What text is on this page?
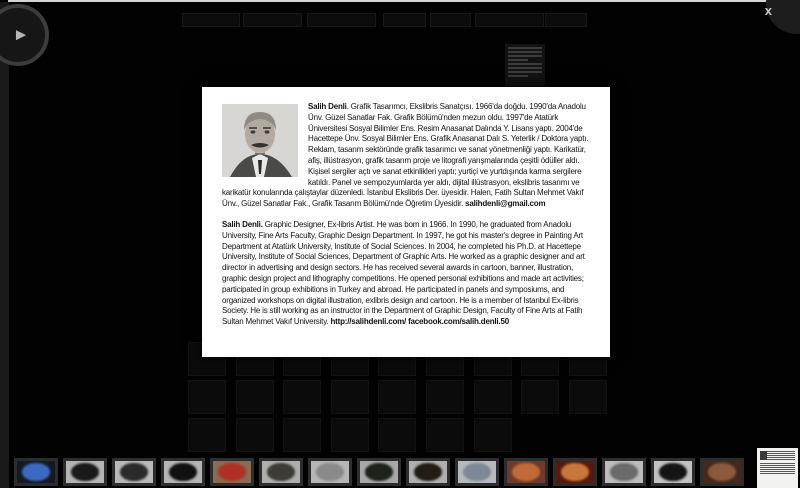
►
x

Salih Denli. Grafik Tasarımcı, Ekslibris Sanatçısı. 1966'da doğdu. 1990'da Anadolu Ünv. Güzel Sanatlar Fak. Grafik Bölümü'nden mezun oldu. 1997'de Atatürk Üniversitesi Sosyal Bilimler Ens. Resim Anasanat Dalında Y. Lisans yaptı. 2004'de Hacettepe Ünv. Sosyal Bilimler Ens. Grafik Anasanat Dalı S. Yeterlik / Doktora yaptı. Reklam, tasarım sektöründe grafik tasarımcı ve sanat yönetmenliği yaptı. Karikatür, afiş, illüstrasyon, grafik tasarım proje ve litografi yarışmalarında çeşitli ödüller aldı. Kişisel sergiler açtı ve sanat etkinlikleri yaptı; yurtiçi ve yurtdışında karma sergilere katıldı. Panel ve sempozyumlarda yer aldı, dijital illüstrasyon, ekslibris tasarımı ve karikatür konularında çalıştaylar düzenledi. İstanbul Ekslibris Der. üyesidir. Halen, Fatih Sultan Mehmet Vakıf Ünv., Güzel Sanatlar Fak., Grafik Tasarım Bölümü'nde Öğretim Üyesidir. salihdenli@gmail.com

Salih Denli. Graphic Designer, Ex-libris Artist. He was born in 1966. In 1990, he graduated from Anadolu University, Fine Arts Faculty, Graphic Design Department. In 1997, he got his master's degree in Painting Art Department at Atatürk University, Institute of Social Sciences. In 2004, he completed his Ph.D. at Hacettepe University, Institute of Social Sciences, Department of Graphic Arts. He worked as a graphic designer and art director in advertising and design sectors. He has received several awards in cartoon, banner, illustration, graphic design project and lithography competitions. He opened personal exhibitions and made art activities; participated in group exhibitions in Turkey and abroad. He participated in panels and symposiums, and organized workshops on digital illustration, exlibris design and cartoon. He is a member of Istanbul Ex-libris Society. He is still working as an instructor in the Department of Graphic Design, Faculty of Fine Arts at Fatih Sultan Mehmet Vakıf University. http://salihdenli.com/ facebook.com/salih.denli.50
